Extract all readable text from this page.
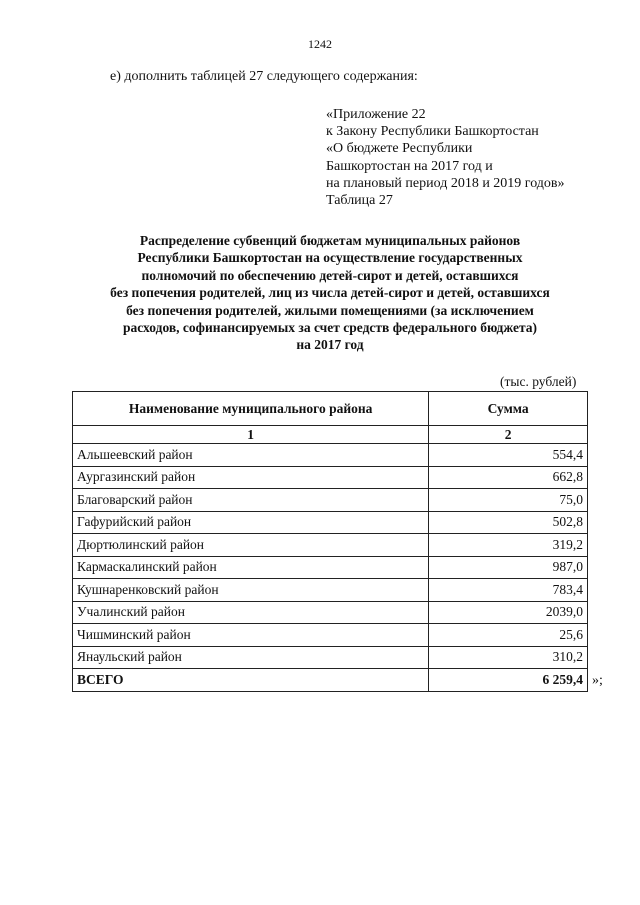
1242
е) дополнить таблицей 27 следующего содержания:
«Приложение 22
к Закону Республики Башкортостан
«О бюджете Республики
Башкортостан на 2017 год и
на плановый период 2018 и 2019 годов»
Таблица 27
Распределение субвенций бюджетам муниципальных районов
Республики Башкортостан на осуществление государственных
полномочий по обеспечению детей-сирот и детей, оставшихся
без попечения родителей, лиц из числа детей-сирот и детей, оставшихся
без попечения родителей, жилыми помещениями (за исключением
расходов, софинансируемых за счет средств федерального бюджета)
на 2017 год
(тыс. рублей)
Наименование муниципального района	Сумма
1	2
Альшеевский район	554,4
Аургазинский район	662,8
Благоварский район	75,0
Гафурийский район	502,8
Дюртюлинский район	319,2
Кармаскалинский район	987,0
Кушнаренковский район	783,4
Учалинский район	2039,0
Чишминский район	25,6
Янаульский район	310,2
ВСЕГО	6 259,4 »;
